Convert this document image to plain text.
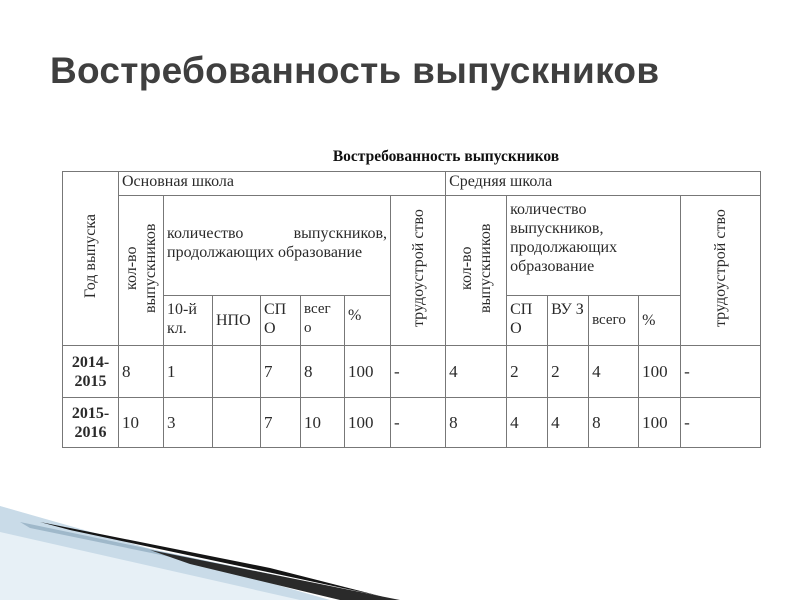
Востребованность выпускников
Востребованность выпускников
Год выпуска	Основная школа							Средняя школа					
	кол-во выпускников	количество выпускников, продолжающих образование					трудоустрой ство	кол-во выпускников	количество выпускников, продолжающих образование				трудоустрой ство
		10-й кл.	НПО	СП О	всег о	%			СП О	ВУ З	всего	%	
2014-2015	8	1		7	8	100	-	4	2	2	4	100	-
2015-2016	10	3		7	10	100	-	8	4	4	8	100	-
